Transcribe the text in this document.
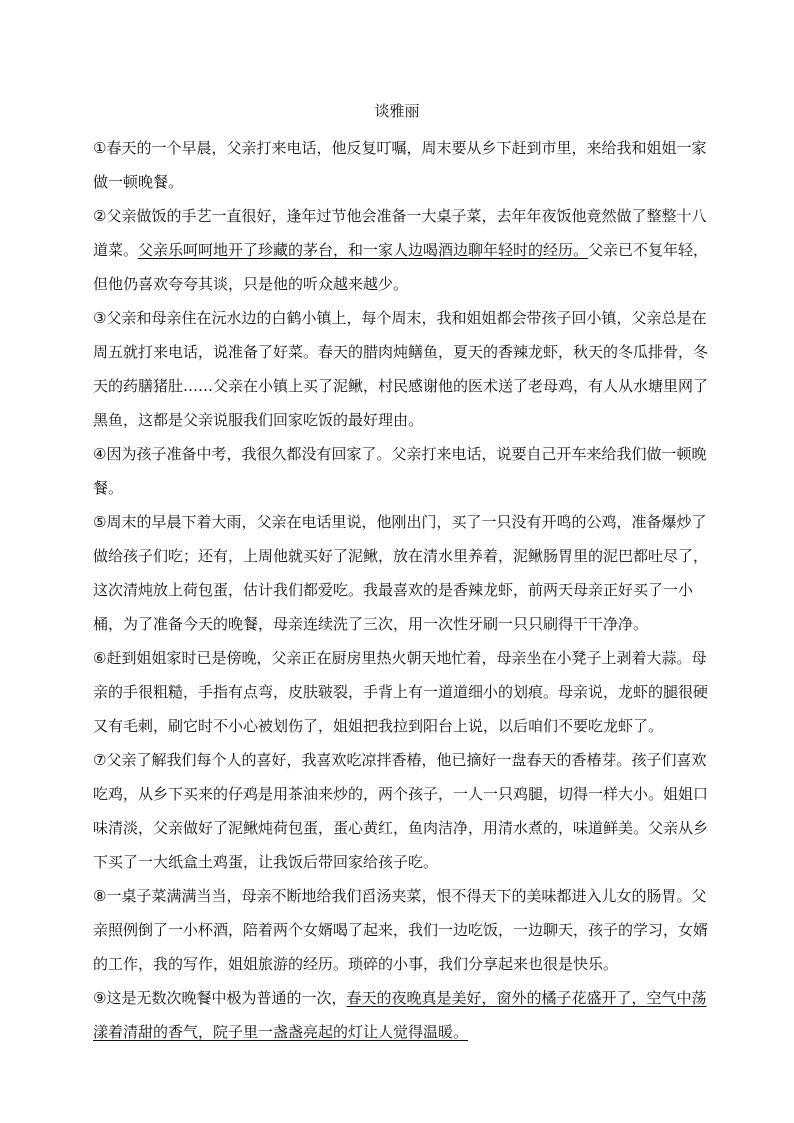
谈雅丽

①春天的一个早晨，父亲打来电话，他反复叮嘱，周末要从乡下赶到市里，来给我和姐姐一家做一顿晚餐。

②父亲做饭的手艺一直很好，逢年过节他会准备一大桌子菜，去年年夜饭他竟然做了整整十八道菜。父亲乐呵呵地开了珍藏的茅台，和一家人边喝酒边聊年轻时的经历。父亲已不复年轻，但他仍喜欢夸夸其谈，只是他的听众越来越少。

③父亲和母亲住在沅水边的白鹤小镇上，每个周末，我和姐姐都会带孩子回小镇，父亲总是在周五就打来电话，说准备了好菜。春天的腊肉炖鳝鱼，夏天的香辣龙虾，秋天的冬瓜排骨，冬天的药膳猪肚……父亲在小镇上买了泥鳅，村民感谢他的医术送了老母鸡，有人从水塘里网了黑鱼，这都是父亲说服我们回家吃饭的最好理由。

④因为孩子准备中考，我很久都没有回家了。父亲打来电话，说要自己开车来给我们做一顿晚餐。

⑤周末的早晨下着大雨，父亲在电话里说，他刚出门，买了一只没有开鸣的公鸡，准备爆炒了做给孩子们吃；还有，上周他就买好了泥鳅，放在清水里养着，泥鳅肠胃里的泥巴都吐尽了，这次清炖放上荷包蛋，估计我们都爱吃。我最喜欢的是香辣龙虾，前两天母亲正好买了一小桶，为了准备今天的晚餐，母亲连续洗了三次，用一次性牙刷一只只刷得干干净净。

⑥赶到姐姐家时已是傍晚，父亲正在厨房里热火朝天地忙着，母亲坐在小凳子上剥着大蒜。母亲的手很粗糙，手指有点弯，皮肤皲裂，手背上有一道道细小的划痕。母亲说，龙虾的腿很硬又有毛刺，刷它时不小心被划伤了，姐姐把我拉到阳台上说，以后咱们不要吃龙虾了。

⑦父亲了解我们每个人的喜好，我喜欢吃凉拌香椿，他已摘好一盘春天的香椿芽。孩子们喜欢吃鸡，从乡下买来的仔鸡是用茶油来炒的，两个孩子，一人一只鸡腿，切得一样大小。姐姐口味清淡，父亲做好了泥鳅炖荷包蛋，蛋心黄红，鱼肉洁净，用清水煮的，味道鲜美。父亲从乡下买了一大纸盒土鸡蛋，让我饭后带回家给孩子吃。

⑧一桌子菜满满当当，母亲不断地给我们舀汤夹菜，恨不得天下的美味都进入儿女的肠胃。父亲照例倒了一小杯酒，陪着两个女婿喝了起来，我们一边吃饭，一边聊天，孩子的学习，女婿的工作，我的写作，姐姐旅游的经历。琐碎的小事，我们分享起来也很是快乐。

⑨这是无数次晚餐中极为普通的一次，春天的夜晚真是美好，窗外的橘子花盛开了，空气中荡漾着清甜的香气，院子里一盏盏亮起的灯让人觉得温暖。
